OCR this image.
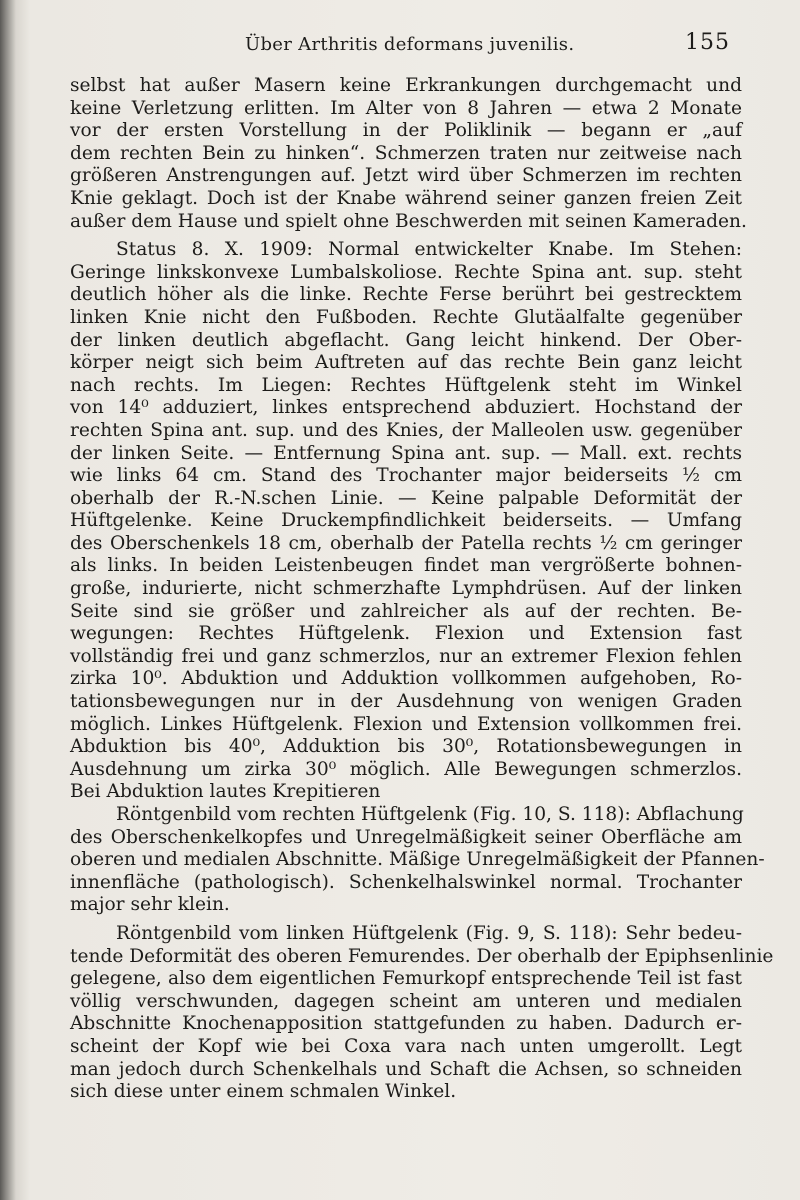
Über Arthritis deformans juvenilis.	155
selbst hat außer Masern keine Erkrankungen durchgemacht und
keine Verletzung erlitten. Im Alter von 8 Jahren — etwa 2 Monate
vor der ersten Vorstellung in der Poliklinik — begann er „auf
dem rechten Bein zu hinken“. Schmerzen traten nur zeitweise nach
größeren Anstrengungen auf. Jetzt wird über Schmerzen im rechten
Knie geklagt. Doch ist der Knabe während seiner ganzen freien Zeit
außer dem Hause und spielt ohne Beschwerden mit seinen Kameraden.
Status 8. X. 1909: Normal entwickelter Knabe. Im Stehen:
Geringe linkskonvexe Lumbalskoliose. Rechte Spina ant. sup. steht
deutlich höher als die linke. Rechte Ferse berührt bei gestrecktem
linken Knie nicht den Fußboden. Rechte Glutäalfalte gegenüber
der linken deutlich abgeflacht. Gang leicht hinkend. Der Ober-
körper neigt sich beim Auftreten auf das rechte Bein ganz leicht
nach rechts. Im Liegen: Rechtes Hüftgelenk steht im Winkel
von 14⁰ adduziert, linkes entsprechend abduziert. Hochstand der
rechten Spina ant. sup. und des Knies, der Malleolen usw. gegenüber
der linken Seite. — Entfernung Spina ant. sup. — Mall. ext. rechts
wie links 64 cm. Stand des Trochanter major beiderseits ½ cm
oberhalb der R.-N.schen Linie. — Keine palpable Deformität der
Hüftgelenke. Keine Druckempfindlichkeit beiderseits. — Umfang
des Oberschenkels 18 cm, oberhalb der Patella rechts ½ cm geringer
als links. In beiden Leistenbeugen findet man vergrößerte bohnen-
große, indurierte, nicht schmerzhafte Lymphdrüsen. Auf der linken
Seite sind sie größer und zahlreicher als auf der rechten. Be-
wegungen: Rechtes Hüftgelenk. Flexion und Extension fast
vollständig frei und ganz schmerzlos, nur an extremer Flexion fehlen
zirka 10⁰. Abduktion und Adduktion vollkommen aufgehoben, Ro-
tationsbewegungen nur in der Ausdehnung von wenigen Graden
möglich. Linkes Hüftgelenk. Flexion und Extension vollkommen frei.
Abduktion bis 40⁰, Adduktion bis 30⁰, Rotationsbewegungen in
Ausdehnung um zirka 30⁰ möglich. Alle Bewegungen schmerzlos.
Bei Abduktion lautes Krepitieren
Röntgenbild vom rechten Hüftgelenk (Fig. 10, S. 118): Abflachung
des Oberschenkelkopfes und Unregelmäßigkeit seiner Oberfläche am
oberen und medialen Abschnitte. Mäßige Unregelmäßigkeit der Pfannen-
innenfläche (pathologisch). Schenkelhalswinkel normal. Trochanter
major sehr klein.
Röntgenbild vom linken Hüftgelenk (Fig. 9, S. 118): Sehr bedeu-
tende Deformität des oberen Femurendes. Der oberhalb der Epiphsenlinie
gelegene, also dem eigentlichen Femurkopf entsprechende Teil ist fast
völlig verschwunden, dagegen scheint am unteren und medialen
Abschnitte Knochenapposition stattgefunden zu haben. Dadurch er-
scheint der Kopf wie bei Coxa vara nach unten umgerollt. Legt
man jedoch durch Schenkelhals und Schaft die Achsen, so schneiden
sich diese unter einem schmalen Winkel.
